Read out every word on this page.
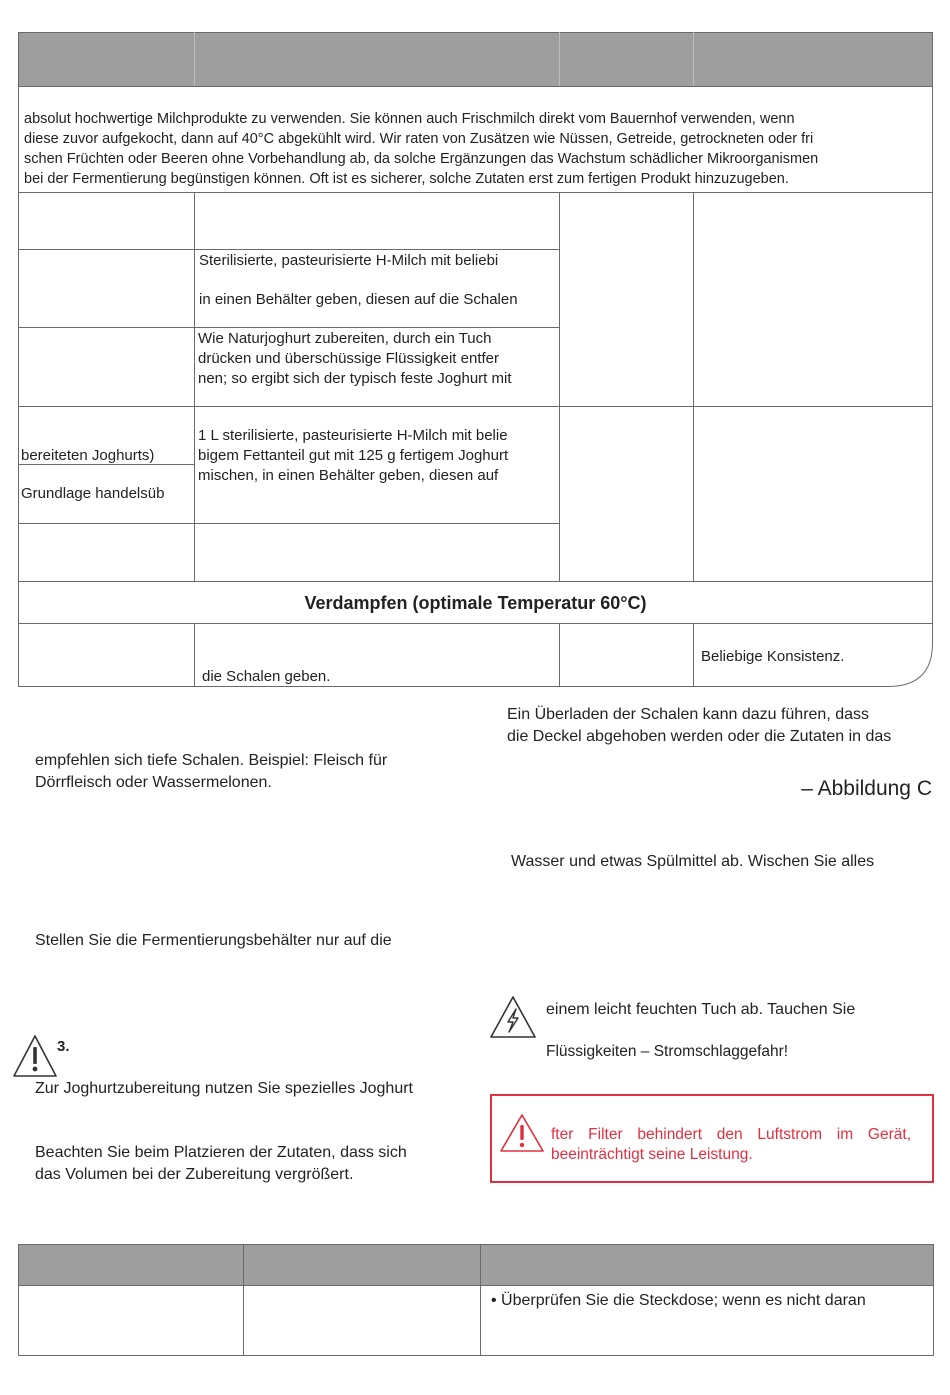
absolut hochwertige Milchprodukte zu verwenden. Sie können auch Frischmilch direkt vom Bauernhof verwenden, wenn
diese zuvor aufgekocht, dann auf 40°C abgekühlt wird. Wir raten von Zusätzen wie Nüssen, Getreide, getrockneten oder fri
schen Früchten oder Beeren ohne Vorbehandlung ab, da solche Ergänzungen das Wachstum schädlicher Mikroorganismen
bei der Fermentierung begünstigen können. Oft ist es sicherer, solche Zutaten erst zum fertigen Produkt hinzuzugeben.
Sterilisierte, pasteurisierte H-Milch mit beliebi
in einen Behälter geben, diesen auf die Schalen
Wie Naturjoghurt zubereiten, durch ein Tuch
drücken und überschüssige Flüssigkeit entfer
nen; so ergibt sich der typisch feste Joghurt mit
bereiteten Joghurts)
Grundlage handelsüb
1 L sterilisierte, pasteurisierte H-Milch mit belie
bigem Fettanteil gut mit 125 g fertigem Joghurt
mischen, in einen Behälter geben, diesen auf
Verdampfen (optimale Temperatur 60°C)
die Schalen geben.
Beliebige Konsistenz.
empfehlen sich tiefe Schalen. Beispiel: Fleisch für
Dörrfleisch oder Wassermelonen.
Stellen Sie die Fermentierungsbehälter nur auf die
3.
Zur Joghurtzubereitung nutzen Sie spezielles Joghurt
Beachten Sie beim Platzieren der Zutaten, dass sich
das Volumen bei der Zubereitung vergrößert.
Ein Überladen der Schalen kann dazu führen, dass
die Deckel abgehoben werden oder die Zutaten in das
– Abbildung C
Wasser und etwas Spülmittel ab. Wischen Sie alles
einem leicht feuchten Tuch ab. Tauchen Sie
Flüssigkeiten – Stromschlaggefahr!
fter Filter behindert den Luftstrom im Gerät,
beeinträchtigt seine Leistung.
• Überprüfen Sie die Steckdose; wenn es nicht daran
